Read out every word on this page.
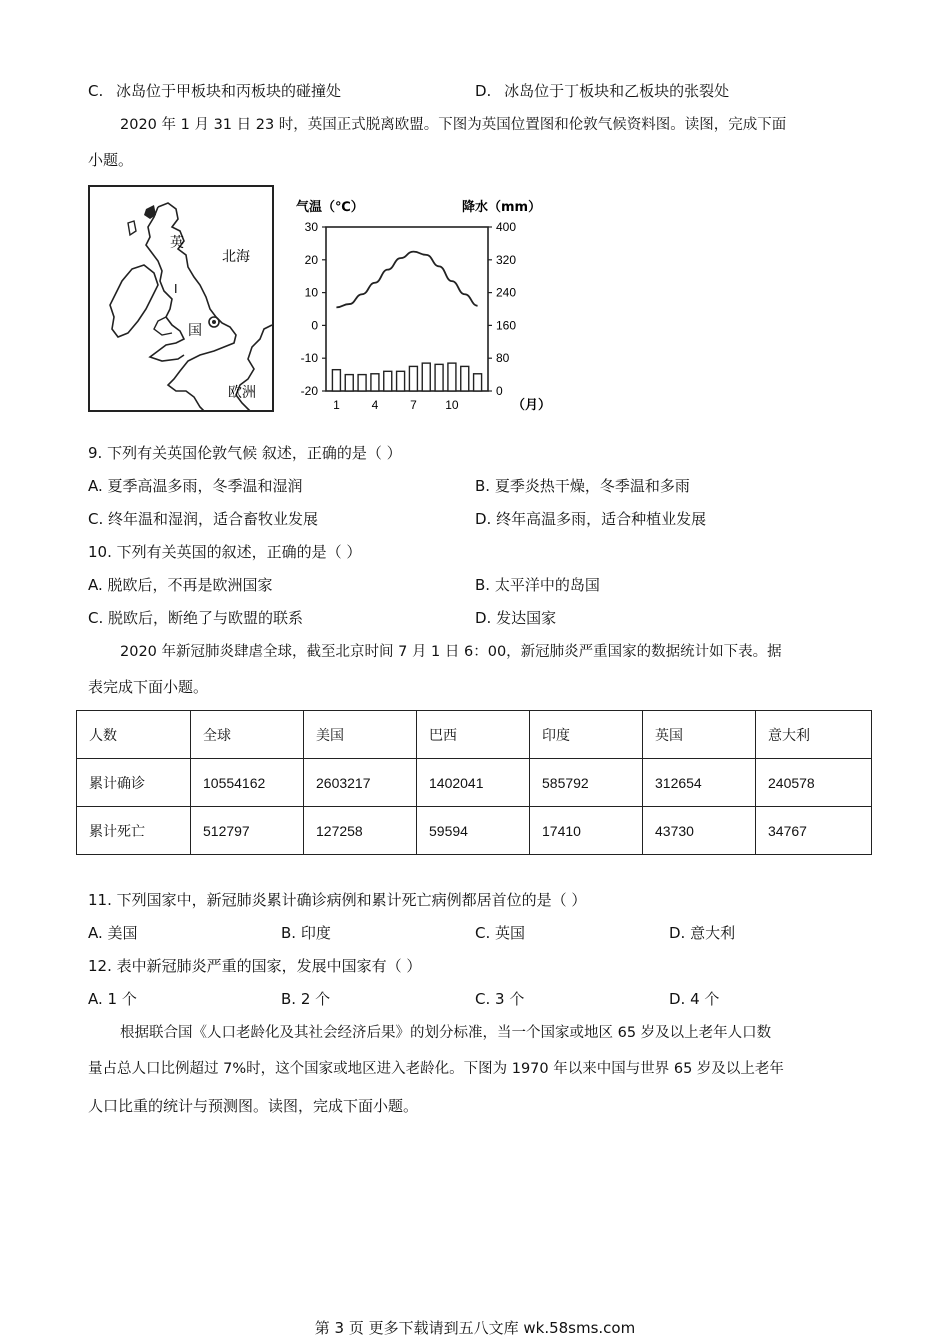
C. 冰岛位于甲板块和丙板块的碰撞处	D. 冰岛位于丁板块和乙板块的张裂处
2020 年 1 月 31 日 23 时，英国正式脱离欧盟。下图为英国位置图和伦敦气候资料图。读图，完成下面
小题。
英
国
北海
欧洲
I
气温（℃）	降水（mm）
（月）
30
20
10
0
-10
-20
400
320
240
160
80
0
1	4	7 10
9. 下列有关英国伦敦气候 叙述，正确的是（ ）
A. 夏季高温多雨，冬季温和湿润	B. 夏季炎热干燥，冬季温和多雨
C. 终年温和湿润，适合畜牧业发展	D. 终年高温多雨，适合种植业发展
10. 下列有关英国的叙述，正确的是（ ）
A. 脱欧后，不再是欧洲国家	B. 太平洋中的岛国
C. 脱欧后，断绝了与欧盟的联系	D. 发达国家
2020 年新冠肺炎肆虐全球，截至北京时间 7 月 1 日 6：00，新冠肺炎严重国家的数据统计如下表。据
表完成下面小题。
人数	全球	美国	巴西	印度	英国	意大利
累计确诊	10554162	2603217	1402041	585792	312654	240578
累计死亡	512797	127258	59594	17410	43730	34767
11. 下列国家中，新冠肺炎累计确诊病例和累计死亡病例都居首位的是（ ）
A. 美国	B. 印度	C. 英国	D. 意大利
12. 表中新冠肺炎严重的国家，发展中国家有（ ）
A. 1 个	B. 2 个	C. 3 个	D. 4 个
根据联合国《人口老龄化及其社会经济后果》的划分标准，当一个国家或地区 65 岁及以上老年人口数
量占总人口比例超过 7%时，这个国家或地区进入老龄化。下图为 1970 年以来中国与世界 65 岁及以上老年
人口比重的统计与预测图。读图，完成下面小题。
第 3 页 更多下载请到五八文库 wk.58sms.com
